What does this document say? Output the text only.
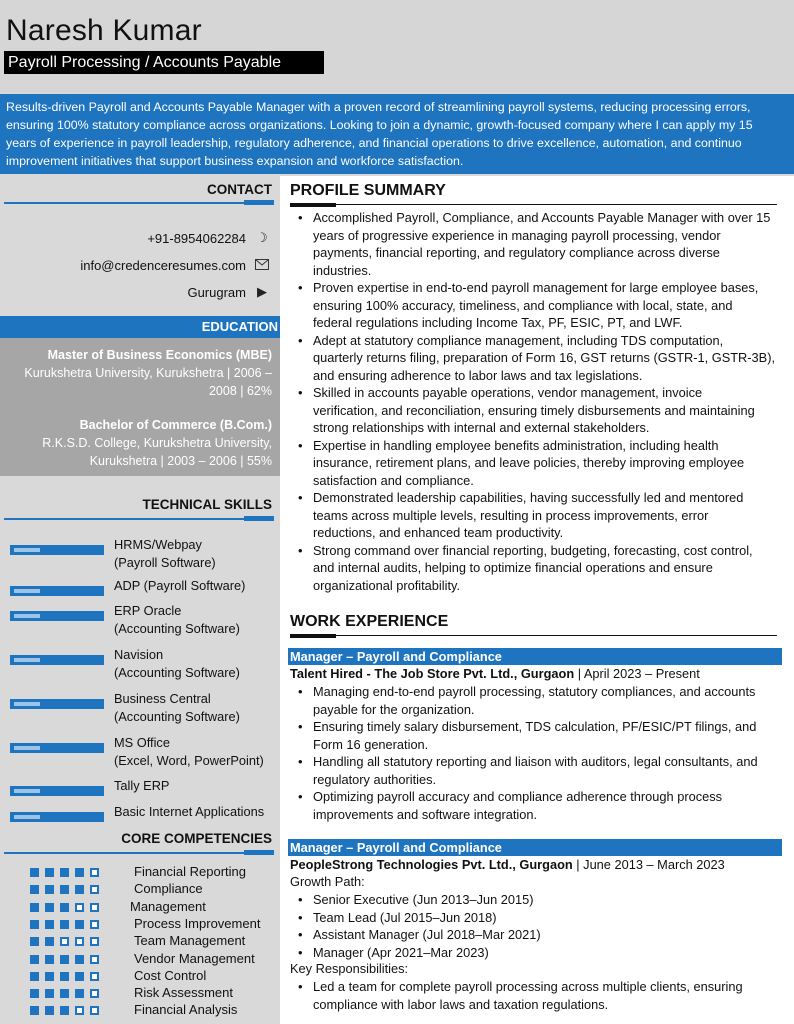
Naresh Kumar
Payroll Processing / Accounts Payable
Results-driven Payroll and Accounts Payable Manager with a proven record of streamlining payroll systems, reducing processing errors,
ensuring 100% statutory compliance across organizations. Looking to join a dynamic, growth-focused company where I can apply my 15
years of experience in payroll leadership, regulatory adherence, and financial operations to drive excellence, automation, and continuo
improvement initiatives that support business expansion and workforce satisfaction.
CONTACT
+91-8954062284 ☽
info@credenceresumes.com
Gurugram ▶
EDUCATION
Master of Business Economics (MBE)
Kurukshetra University, Kurukshetra | 2006 –
2008 | 62%
Bachelor of Commerce (B.Com.)
R.K.S.D. College, Kurukshetra University,
Kurukshetra | 2003 – 2006 | 55%
TECHNICAL SKILLS
HRMS/Webpay
(Payroll Software)
ADP (Payroll Software)
ERP Oracle
(Accounting Software)
Navision
(Accounting Software)
Business Central
(Accounting Software)
MS Office
(Excel, Word, PowerPoint)
Tally ERP
Basic Internet Applications
CORE COMPETENCIES
Financial Reporting
Compliance
Management
Process Improvement
Team Management
Vendor Management
Cost Control
Risk Assessment
Financial Analysis
PROFILE SUMMARY
• Accomplished Payroll, Compliance, and Accounts Payable Manager with over 15
years of progressive experience in managing payroll processing, vendor
payments, financial reporting, and regulatory compliance across diverse
industries.
• Proven expertise in end-to-end payroll management for large employee bases,
ensuring 100% accuracy, timeliness, and compliance with local, state, and
federal regulations including Income Tax, PF, ESIC, PT, and LWF.
• Adept at statutory compliance management, including TDS computation,
quarterly returns filing, preparation of Form 16, GST returns (GSTR-1, GSTR-3B),
and ensuring adherence to labor laws and tax legislations.
• Skilled in accounts payable operations, vendor management, invoice
verification, and reconciliation, ensuring timely disbursements and maintaining
strong relationships with internal and external stakeholders.
• Expertise in handling employee benefits administration, including health
insurance, retirement plans, and leave policies, thereby improving employee
satisfaction and compliance.
• Demonstrated leadership capabilities, having successfully led and mentored
teams across multiple levels, resulting in process improvements, error
reductions, and enhanced team productivity.
• Strong command over financial reporting, budgeting, forecasting, cost control,
and internal audits, helping to optimize financial operations and ensure
organizational profitability.
WORK EXPERIENCE
Manager – Payroll and Compliance
Talent Hired - The Job Store Pvt. Ltd., Gurgaon | April 2023 – Present
• Managing end-to-end payroll processing, statutory compliances, and accounts
payable for the organization.
• Ensuring timely salary disbursement, TDS calculation, PF/ESIC/PT filings, and
Form 16 generation.
• Handling all statutory reporting and liaison with auditors, legal consultants, and
regulatory authorities.
• Optimizing payroll accuracy and compliance adherence through process
improvements and software integration.
Manager – Payroll and Compliance
PeopleStrong Technologies Pvt. Ltd., Gurgaon | June 2013 – March 2023
Growth Path:
• Senior Executive (Jun 2013–Jun 2015)
• Team Lead (Jul 2015–Jun 2018)
• Assistant Manager (Jul 2018–Mar 2021)
• Manager (Apr 2021–Mar 2023)
Key Responsibilities:
• Led a team for complete payroll processing across multiple clients, ensuring
compliance with labor laws and taxation regulations.
